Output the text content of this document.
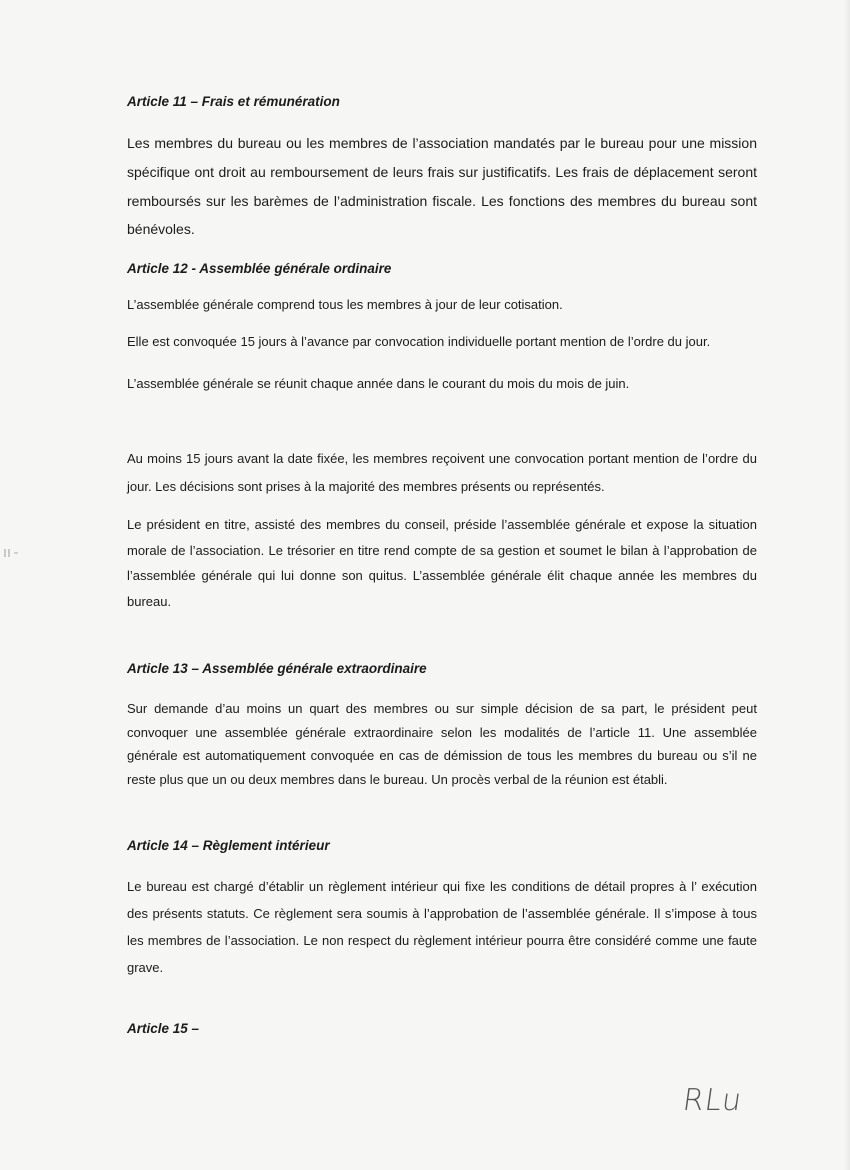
Article 11 – Frais et rémunération

Les membres du bureau ou les membres de l’association mandatés par le bureau pour une mission spécifique ont droit au remboursement de leurs frais sur justificatifs. Les frais de déplacement seront remboursés sur les barèmes de l’administration fiscale. Les fonctions des membres du bureau sont bénévoles.

Article 12 - Assemblée générale ordinaire

L’assemblée générale comprend tous les membres à jour de leur cotisation.

Elle est convoquée 15 jours à l’avance par convocation individuelle portant mention de l’ordre du jour.

L’assemblée générale se réunit chaque année dans le courant du mois du mois de juin.

Au moins 15 jours avant la date fixée, les membres reçoivent une convocation portant mention de l’ordre du jour. Les décisions sont prises à la majorité des membres présents ou représentés.

Le président en titre, assisté des membres du conseil, préside l’assemblée générale et expose la situation morale de l’association. Le trésorier en titre rend compte de sa gestion et soumet le bilan à l’approbation de l’assemblée générale qui lui donne son quitus. L’assemblée générale élit chaque année les membres du bureau.

Article 13 – Assemblée générale extraordinaire

Sur demande d’au moins un quart des membres ou sur simple décision de sa part, le président peut convoquer une assemblée générale extraordinaire selon les modalités de l’article 11. Une assemblée générale est automatiquement convoquée en cas de démission de tous les membres du bureau ou s’il ne reste plus que un ou deux membres dans le bureau. Un procès verbal de la réunion est établi.

Article 14 – Règlement intérieur

Le bureau est chargé d’établir un règlement intérieur qui fixe les conditions de détail propres à l’ exécution des présents statuts. Ce règlement sera soumis à l’approbation de l’assemblée générale. Il s’impose à tous les membres de l’association. Le non respect du règlement intérieur pourra être considéré comme une faute grave.

Article 15 –
RLu
